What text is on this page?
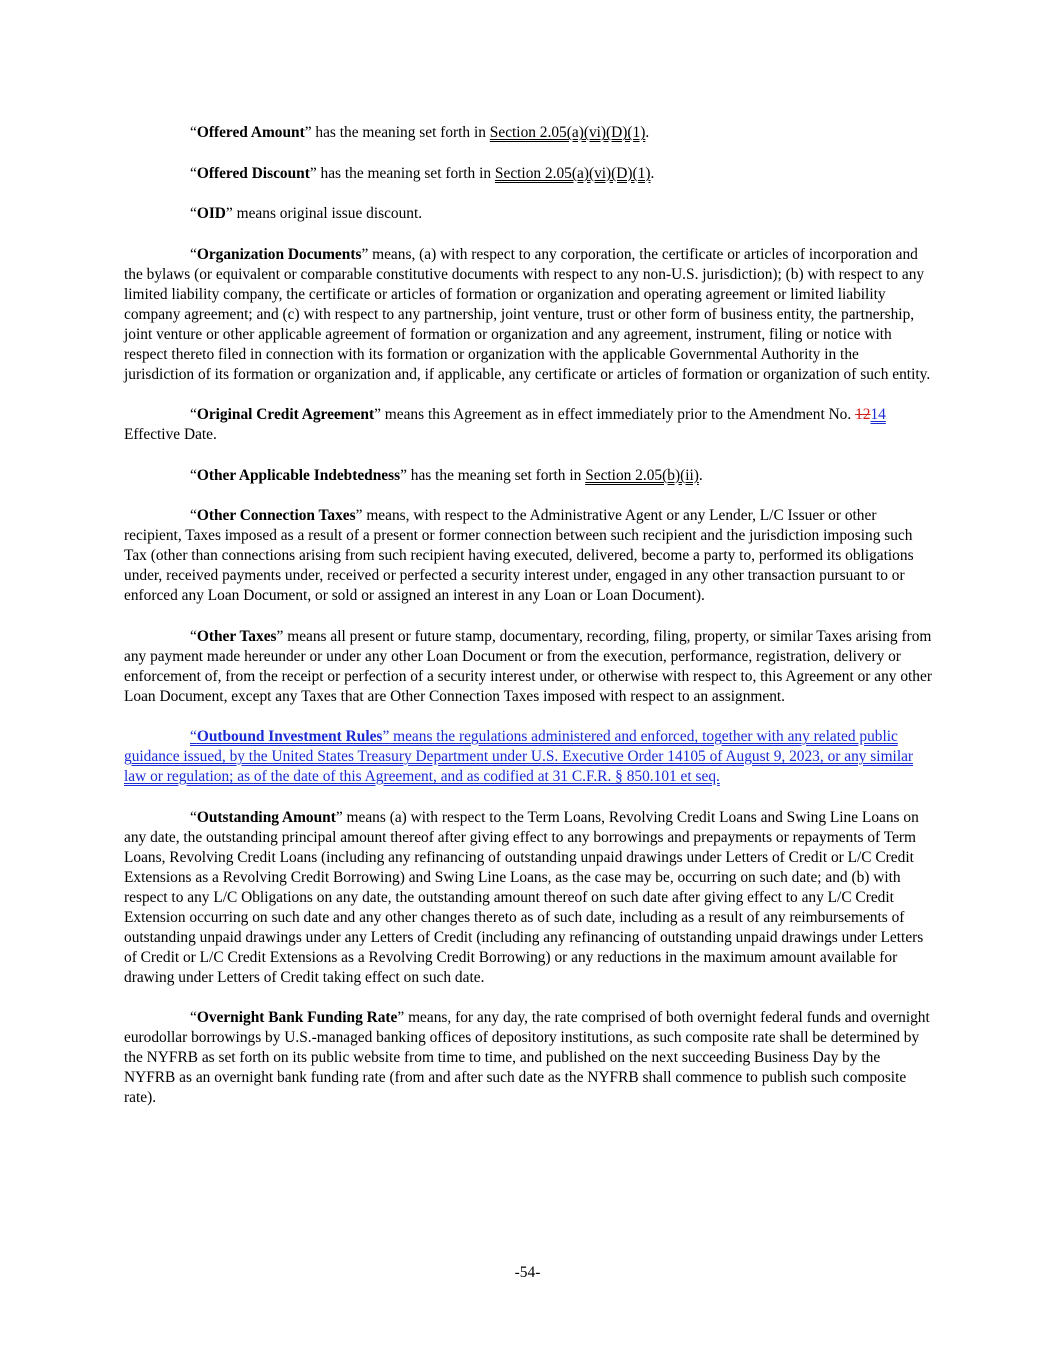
“Offered Amount” has the meaning set forth in Section 2.05(a)(vi)(D)(1).

“Offered Discount” has the meaning set forth in Section 2.05(a)(vi)(D)(1).

“OID” means original issue discount.

“Organization Documents” means, (a) with respect to any corporation, the certificate or articles of incorporation and the bylaws (or equivalent or comparable constitutive documents with respect to any non-U.S. jurisdiction); (b) with respect to any limited liability company, the certificate or articles of formation or organization and operating agreement or limited liability company agreement; and (c) with respect to any partnership, joint venture, trust or other form of business entity, the partnership, joint venture or other applicable agreement of formation or organization and any agreement, instrument, filing or notice with respect thereto filed in connection with its formation or organization with the applicable Governmental Authority in the jurisdiction of its formation or organization and, if applicable, any certificate or articles of formation or organization of such entity.

“Original Credit Agreement” means this Agreement as in effect immediately prior to the Amendment No. 1214 Effective Date.

“Other Applicable Indebtedness” has the meaning set forth in Section 2.05(b)(ii).

“Other Connection Taxes” means, with respect to the Administrative Agent or any Lender, L/C Issuer or other recipient, Taxes imposed as a result of a present or former connection between such recipient and the jurisdiction imposing such Tax (other than connections arising from such recipient having executed, delivered, become a party to, performed its obligations under, received payments under, received or perfected a security interest under, engaged in any other transaction pursuant to or enforced any Loan Document, or sold or assigned an interest in any Loan or Loan Document).

“Other Taxes” means all present or future stamp, documentary, recording, filing, property, or similar Taxes arising from any payment made hereunder or under any other Loan Document or from the execution, performance, registration, delivery or enforcement of, from the receipt or perfection of a security interest under, or otherwise with respect to, this Agreement or any other Loan Document, except any Taxes that are Other Connection Taxes imposed with respect to an assignment.

“Outbound Investment Rules” means the regulations administered and enforced, together with any related public guidance issued, by the United States Treasury Department under U.S. Executive Order 14105 of August 9, 2023, or any similar law or regulation; as of the date of this Agreement, and as codified at 31 C.F.R. § 850.101 et seq.

“Outstanding Amount” means (a) with respect to the Term Loans, Revolving Credit Loans and Swing Line Loans on any date, the outstanding principal amount thereof after giving effect to any borrowings and prepayments or repayments of Term Loans, Revolving Credit Loans (including any refinancing of outstanding unpaid drawings under Letters of Credit or L/C Credit Extensions as a Revolving Credit Borrowing) and Swing Line Loans, as the case may be, occurring on such date; and (b) with respect to any L/C Obligations on any date, the outstanding amount thereof on such date after giving effect to any L/C Credit Extension occurring on such date and any other changes thereto as of such date, including as a result of any reimbursements of outstanding unpaid drawings under any Letters of Credit (including any refinancing of outstanding unpaid drawings under Letters of Credit or L/C Credit Extensions as a Revolving Credit Borrowing) or any reductions in the maximum amount available for drawing under Letters of Credit taking effect on such date.

“Overnight Bank Funding Rate” means, for any day, the rate comprised of both overnight federal funds and overnight eurodollar borrowings by U.S.-managed banking offices of depository institutions, as such composite rate shall be determined by the NYFRB as set forth on its public website from time to time, and published on the next succeeding Business Day by the NYFRB as an overnight bank funding rate (from and after such date as the NYFRB shall commence to publish such composite rate).

-54-
